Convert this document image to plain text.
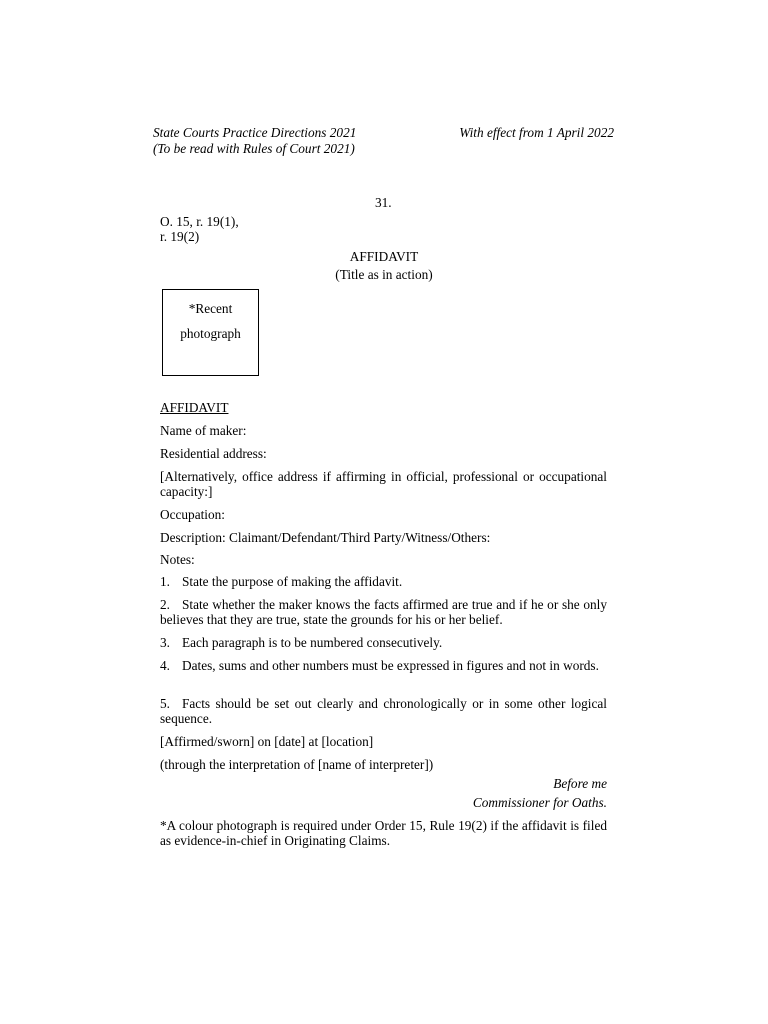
State Courts Practice Directions 2021	With effect from 1 April 2022
(To be read with Rules of Court 2021)
31.
O. 15, r. 19(1),
r. 19(2)
AFFIDAVIT
(Title as in action)
*Recent
photograph
AFFIDAVIT
Name of maker:
Residential address:
[Alternatively, office address if affirming in official, professional or occupational capacity:]
Occupation:
Description: Claimant/Defendant/Third Party/Witness/Others:
Notes:
1. State the purpose of making the affidavit.
2. State whether the maker knows the facts affirmed are true and if he or she only believes that they are true, state the grounds for his or her belief.
3. Each paragraph is to be numbered consecutively.
4. Dates, sums and other numbers must be expressed in figures and not in words.
5. Facts should be set out clearly and chronologically or in some other logical sequence.
[Affirmed/sworn] on [date] at [location]
(through the interpretation of [name of interpreter])
Before me
Commissioner for Oaths.
*A colour photograph is required under Order 15, Rule 19(2) if the affidavit is filed as evidence-in-chief in Originating Claims.
